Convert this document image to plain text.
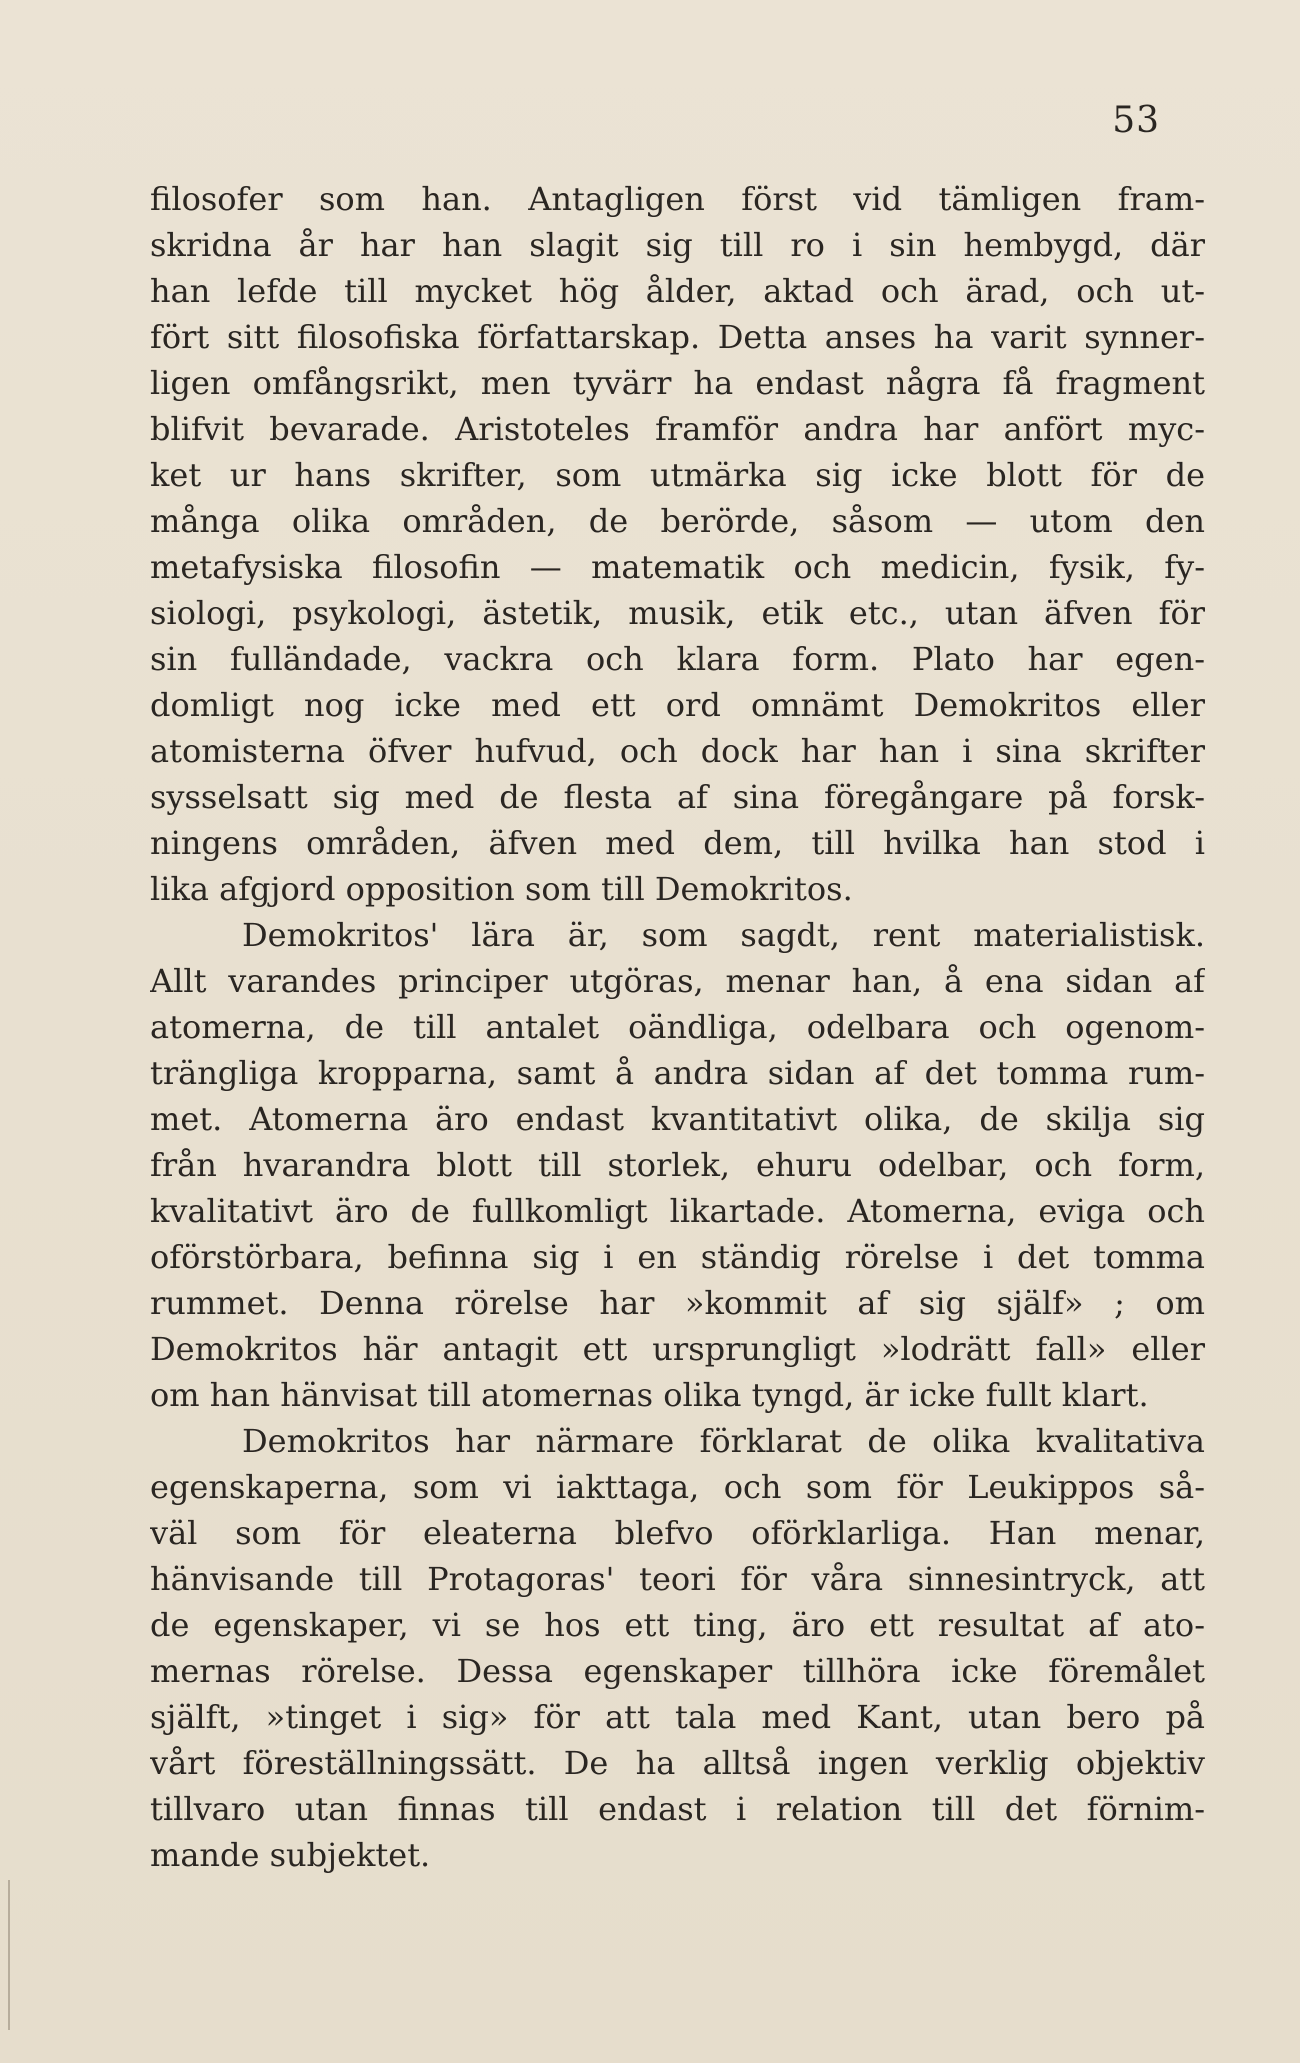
53
filosofer som han. Antagligen först vid tämligen fram-
skridna år har han slagit sig till ro i sin hembygd, där
han lefde till mycket hög ålder, aktad och ärad, och ut-
fört sitt filosofiska författarskap. Detta anses ha varit synner-
ligen omfångsrikt, men tyvärr ha endast några få fragment
blifvit bevarade. Aristoteles framför andra har anfört myc-
ket ur hans skrifter, som utmärka sig icke blott för de
många olika områden, de berörde, såsom — utom den
metafysiska filosofin — matematik och medicin, fysik, fy-
siologi, psykologi, ästetik, musik, etik etc., utan äfven för
sin fulländade, vackra och klara form. Plato har egen-
domligt nog icke med ett ord omnämt Demokritos eller
atomisterna öfver hufvud, och dock har han i sina skrifter
sysselsatt sig med de flesta af sina föregångare på forsk-
ningens områden, äfven med dem, till hvilka han stod i
lika afgjord opposition som till Demokritos.
Demokritos' lära är, som sagdt, rent materialistisk.
Allt varandes principer utgöras, menar han, å ena sidan af
atomerna, de till antalet oändliga, odelbara och ogenom-
trängliga kropparna, samt å andra sidan af det tomma rum-
met. Atomerna äro endast kvantitativt olika, de skilja sig
från hvarandra blott till storlek, ehuru odelbar, och form,
kvalitativt äro de fullkomligt likartade. Atomerna, eviga och
oförstörbara, befinna sig i en ständig rörelse i det tomma
rummet. Denna rörelse har »kommit af sig själf» ; om
Demokritos här antagit ett ursprungligt »lodrätt fall» eller
om han hänvisat till atomernas olika tyngd, är icke fullt klart.
Demokritos har närmare förklarat de olika kvalitativa
egenskaperna, som vi iakttaga, och som för Leukippos så-
väl som för eleaterna blefvo oförklarliga. Han menar,
hänvisande till Protagoras' teori för våra sinnesintryck, att
de egenskaper, vi se hos ett ting, äro ett resultat af ato-
mernas rörelse. Dessa egenskaper tillhöra icke föremålet
själft, »tinget i sig» för att tala med Kant, utan bero på
vårt föreställningssätt. De ha alltså ingen verklig objektiv
tillvaro utan finnas till endast i relation till det förnim-
mande subjektet.
